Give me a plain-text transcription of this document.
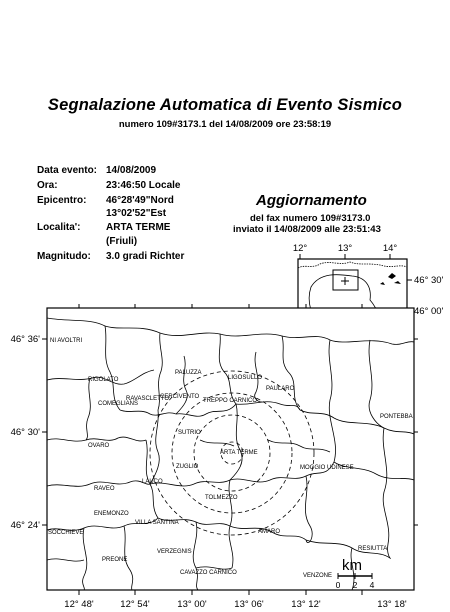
Segnalazione Automatica di Evento Sismico
numero 109#3173.1 del 14/08/2009 ore 23:58:19
Data evento: 14/08/2009
Ora:	23:46:50 Locale
Epicentro: 46°28'49"Nord
13°02'52"Est
Localita':	ARTA TERME
(Friuli)
Magnitudo: 3.0 gradi Richter
Aggiornamento
del fax numero 109#3173.0
inviato il 14/08/2009 alle 23:51:43
12°	13°	14°
46° 30'
46° 00'
46° 36'
46° 30'
46° 24'
12° 48'	12° 54'	13° 00'	13° 06'	13° 12'	13° 18'
NI AVOLTRI
RIGOLATO
COMEGLIANS
RAVASCLETTO
PALUZZA
LIGOSULLO
PAULARO
CERCIVENTO
TREPPO CARNICO
PONTEBBA
SUTRIO
OVARO
ARTA TERME
MOGGIO UDINESE
ZUGLIO
LAUCO
RAVEO
TOLMEZZO
ENEMONZO
VILLA SANTINA
SOCCHIEVE	AMARO
RESIUTTA
VERZEGNIS
PREONE
CAVAZZO CARNICO	VENZONE
km
0 2 4
